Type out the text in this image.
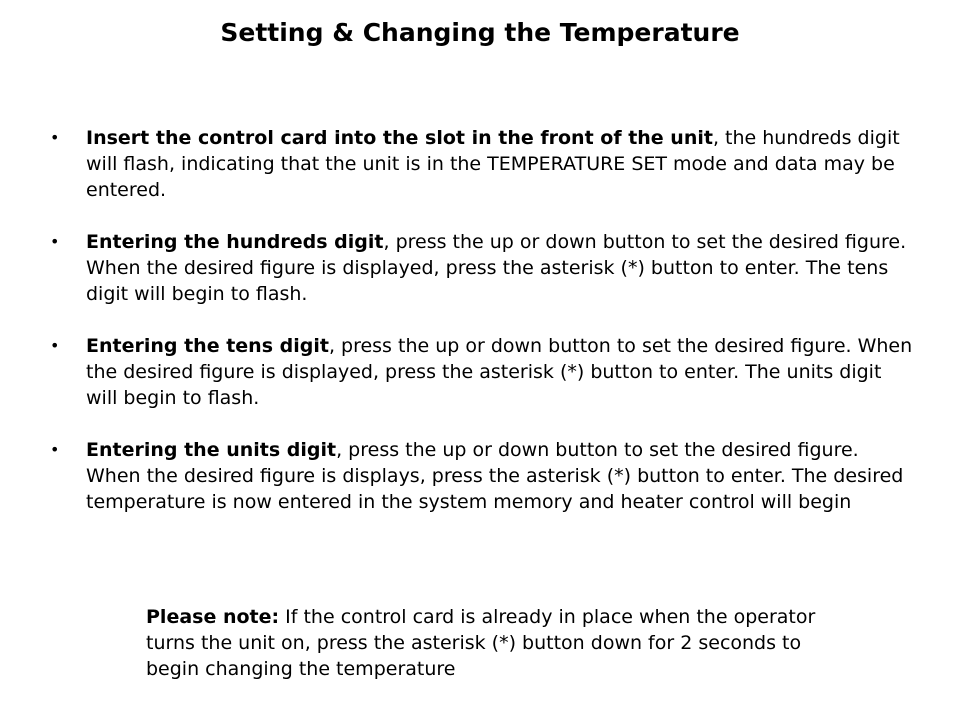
Setting & Changing the Temperature
•	Insert the control card into the slot in the front of the unit, the hundreds digit will flash, indicating that the unit is in the TEMPERATURE SET mode and data may be entered.
•	Entering the hundreds digit, press the up or down button to set the desired figure. When the desired figure is displayed, press the asterisk (*) button to enter. The tens digit will begin to flash.
•	Entering the tens digit, press the up or down button to set the desired figure. When the desired figure is displayed, press the asterisk (*) button to enter. The units digit will begin to flash.
•	Entering the units digit, press the up or down button to set the desired figure. When the desired figure is displays, press the asterisk (*) button to enter. The desired temperature is now entered in the system memory and heater control will begin
Please note: If the control card is already in place when the operator turns the unit on, press the asterisk (*) button down for 2 seconds to begin changing the temperature
